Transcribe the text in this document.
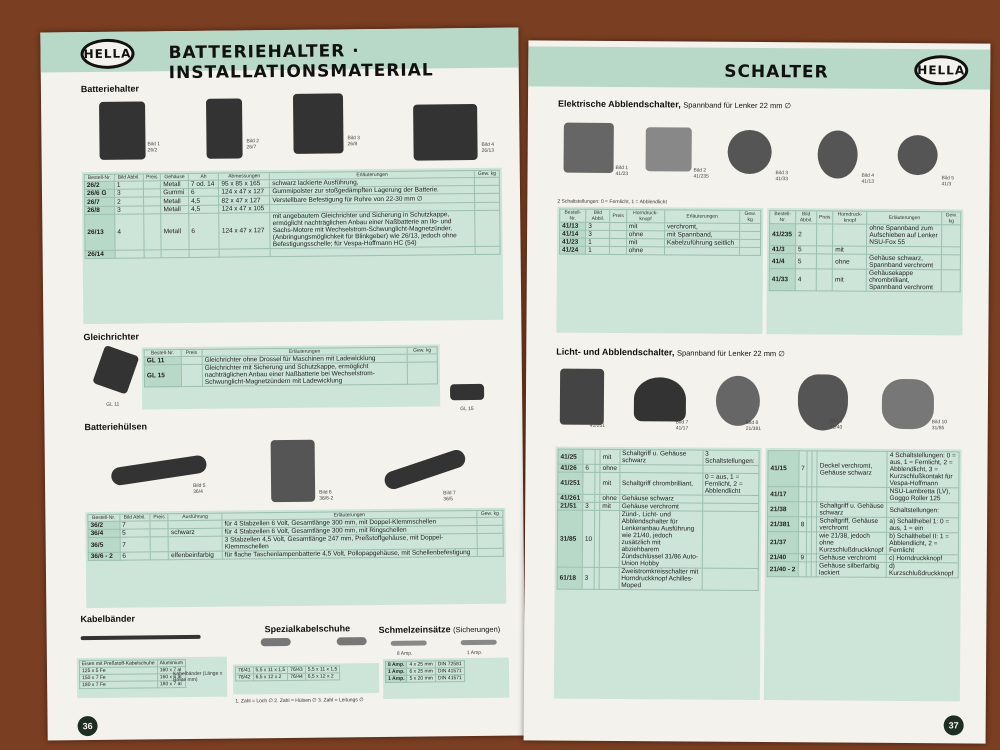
HELLA BATTERIEHALTER · INSTALLATIONSMATERIAL
Batteriehalter
Bild 1
26/2
Bild 2
26/7
Bild 3
26/8	Bild 4
26/13
Bestell-Nr.	Bild Abbil.	Preis	Gehäuse	Ah	Abmessungen	Erläuterungen	Gew. kg
26/2	1		Metall	7 od. 14	95 x 85 x 165	schwarz lackierte Ausführung,	
26/6 G	3		Gummi	6	124 x 47 x 127	Gummipolster zur stoßgedämpften Lagerung der Batterie.	
26/7	2		Metall	4,5	82 x 47 x 127	Verstellbare Befestigung für Rohre von 22-30 mm ∅	
26/8	3		Metall	4,5	124 x 47 x 105		
26/13	4		Metall	6	124 x 47 x 127	mit angebautem Gleichrichter und Sicherung in Schutzkappe, ermöglicht nachträglichen Anbau einer Naßbatterie an Ilo- und Sachs-Motore mit Wechselstrom-Schwunglicht-Magnetzünder. (Anbringungsmöglichkeit für Blinkgeber) wie 26/13, jedoch ohne Befestigungsschelle; für Vespa-Hoffmann HC (54)	
26/14							
Gleichrichter
GL 11
Bestell-Nr.	Preis	Erläuterungen	Gew. kg
GL 11		Gleichrichter ohne Drossel für Maschinen mit Ladewicklung	
GL 15		Gleichrichter mit Sicherung und Schutzkappe, ermöglicht nachträglichen Anbau einer Naßbatterie bei Wechselstrom-Schwunglicht-Magnetzündern mit Ladewicklung	
GL 15
Batteriehülsen
Bild 5
36/4	Bild 6
36/6-2
Bild 7
36/5
Bestell-Nr.	Bild Abbil.	Preis	Ausführung	Erläuterungen	Gew. kg
36/2	7			für 4 Stabzellen 6 Volt, Gesamtlänge 300 mm, mit Doppel-Klemmschellen	
36/4	5		schwarz	für 4 Stabzellen 6 Volt, Gesamtlänge 300 mm, mit Ringschellen	
36/5	7			3 Stabzellen 4,5 Volt, Gesamtlänge 247 mm, Preßstoffgehäuse, mit Doppel-Klemmschellen	
36/6 - 2	6		elfenbeinfarbig	für flache Taschenlampenbatterie 4,5 Volt, Pollopapgehäuse, mit Schellenbefestigung	
Kabelbänder
Spezialkabelschuhe	Schmelzeinsätze (Sicherungen)
8 Amp.	1 Amp.
Eisen mit Preßstoff-Kabelschuhe	Aluminium
125 x 5 Fe	160 x 7 al
150 x 7 Fe	160 x 6 al
180 x 7 Fe	180 x 7 al
Kabelbänder (Länge x Breite mm)
76/41	5,5 x 11 x 1,5	76/43	5,5 x 11 x 1,5
76/42	6,5 x 12 x 2	76/44	6,5 x 12 x 2
1. Zahl = Loch ∅ 2. Zahl = Hülsen ∅ 3. Zahl = Leitungs ∅
8 Amp.	4 x 25 mm	DIN 72581
1 Amp.	6 x 25 mm	DIN 41571
1 Amp.	5 x 20 mm	DIN 41571
36
SCHALTER	HELLA
Elektrische Abblendschalter, Spannband für Lenker 22 mm ∅
Bild 1
41/23
Bild 2
41/235
Bild 3
41/33
Bild 4
41/13
Bild 5
41/3
2 Schaltstellungen: 0 = Fernlicht, 1 = Abblendlicht
Bestell-Nr.	Bild Abbil.	Preis	Horndruck-knopf	Erläuterungen	Gew. kg
41/13	3		mit	verchromt,	
41/14	3		ohne	mit Spannband,	
41/23	1		mit	Kabelzuführung seitlich	
41/24	1		ohne		
Bestell-Nr.	Bild Abbil.	Preis	Horndruck-knopf	Erläuterungen	Gew. kg
41/235	2			ohne Spannband zum Aufschieben auf Lenker NSU-Fox 55	
41/3	5		mit		
41/4	5		ohne	Gehäuse schwarz, Spannband verchromt	
41/33	4		mit	Gehäusekappe chrombrilliant, Spannband verchromt	
Licht- und Abblendschalter, Spannband für Lenker 22 mm ∅
Bild 6
41/251
Bild 7
41/17
Bild 8
21/381
Bild 9
21/40
Bild 10
31/85
41/25			mit	Schaltgriff u. Gehäuse schwarz	3 Schaltstellungen:
41/26	6		ohne		
41/251			mit	Schaltgriff chrombrilliant,	0 = aus, 1 = Fernlicht, 2 = Abblendlicht
41/261			ohne	Gehäuse schwarz	
21/51	3		mit	Gehäuse verchromt	
31/85	10			Zünd-, Licht- und Abblendschalter für Lenkeranbau Ausführung wie 21/40, jedoch zusätzlich mit abziehbarem Zündschlüssel 31/86 Auto-Union Hobby	
61/18	3			Zweistromkreisschalter mit Horndruckknopf Achilles-Moped	
41/15	7			Deckel verchromt, Gehäuse schwarz	4 Schaltstellungen: 0 = aus, 1 = Fernlicht, 2 = Abblendlicht, 3 = Kurzschlußkontakt für Vespa-Hoffmann
41/17					NSU-Lambretta (LV), Goggo Roller 125
21/38				Schaltgriff u. Gehäuse schwarz	Schaltstellungen:
21/381	8			Schaltgriff, Gehäuse verchromt	a) Schalthebel 1: 0 = aus, 1 = ein
21/37				wie 21/38, jedoch ohne Kurzschlußdruckknopf	b) Schalthebel II: 1 = Abblendlicht, 2 = Fernlicht
21/40	9			Gehäuse verchromt	c) Horndruckknopf
21/40 - 2				Gehäuse silberfarbig lackiert	d) Kurzschlußdruckknopf
37
